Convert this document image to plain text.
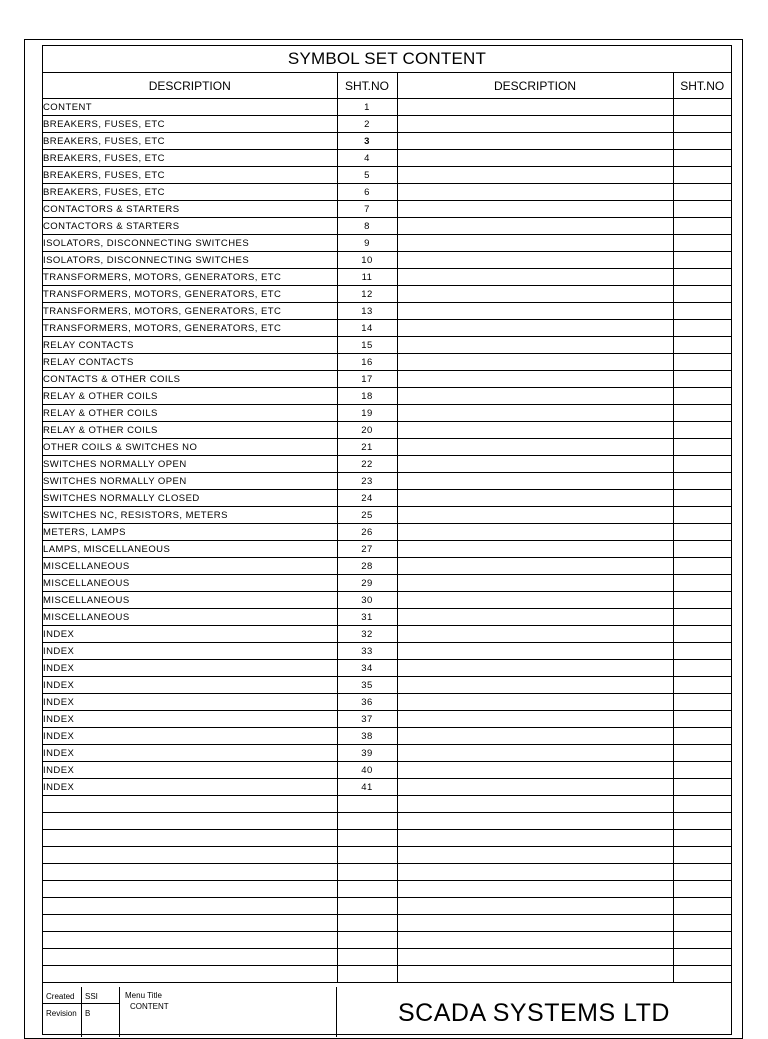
SYMBOL SET CONTENT
DESCRIPTION	SHT.NO	DESCRIPTION	SHT.NO
CONTENT	1		
BREAKERS, FUSES, ETC	2		
BREAKERS, FUSES, ETC	3		
BREAKERS, FUSES, ETC	4		
BREAKERS, FUSES, ETC	5		
BREAKERS, FUSES, ETC	6		
CONTACTORS & STARTERS	7		
CONTACTORS & STARTERS	8		
ISOLATORS, DISCONNECTING SWITCHES	9		
ISOLATORS, DISCONNECTING SWITCHES	10		
TRANSFORMERS, MOTORS, GENERATORS, ETC	11		
TRANSFORMERS, MOTORS, GENERATORS, ETC	12		
TRANSFORMERS, MOTORS, GENERATORS, ETC	13		
TRANSFORMERS, MOTORS, GENERATORS, ETC	14		
RELAY CONTACTS	15		
RELAY CONTACTS	16		
CONTACTS & OTHER COILS	17		
RELAY & OTHER COILS	18		
RELAY & OTHER COILS	19		
RELAY & OTHER COILS	20		
OTHER COILS & SWITCHES NO	21		
SWITCHES NORMALLY OPEN	22		
SWITCHES NORMALLY OPEN	23		
SWITCHES NORMALLY CLOSED	24		
SWITCHES NC, RESISTORS, METERS	25		
METERS, LAMPS	26		
LAMPS, MISCELLANEOUS	27		
MISCELLANEOUS	28		
MISCELLANEOUS	29		
MISCELLANEOUS	30		
MISCELLANEOUS	31		
INDEX	32		
INDEX	33		
INDEX	34		
INDEX	35		
INDEX	36		
INDEX	37		
INDEX	38		
INDEX	39		
INDEX	40		
INDEX	41		

Created SSI
Revision B
Menu Title
CONTENT	SCADA SYSTEMS LTD
